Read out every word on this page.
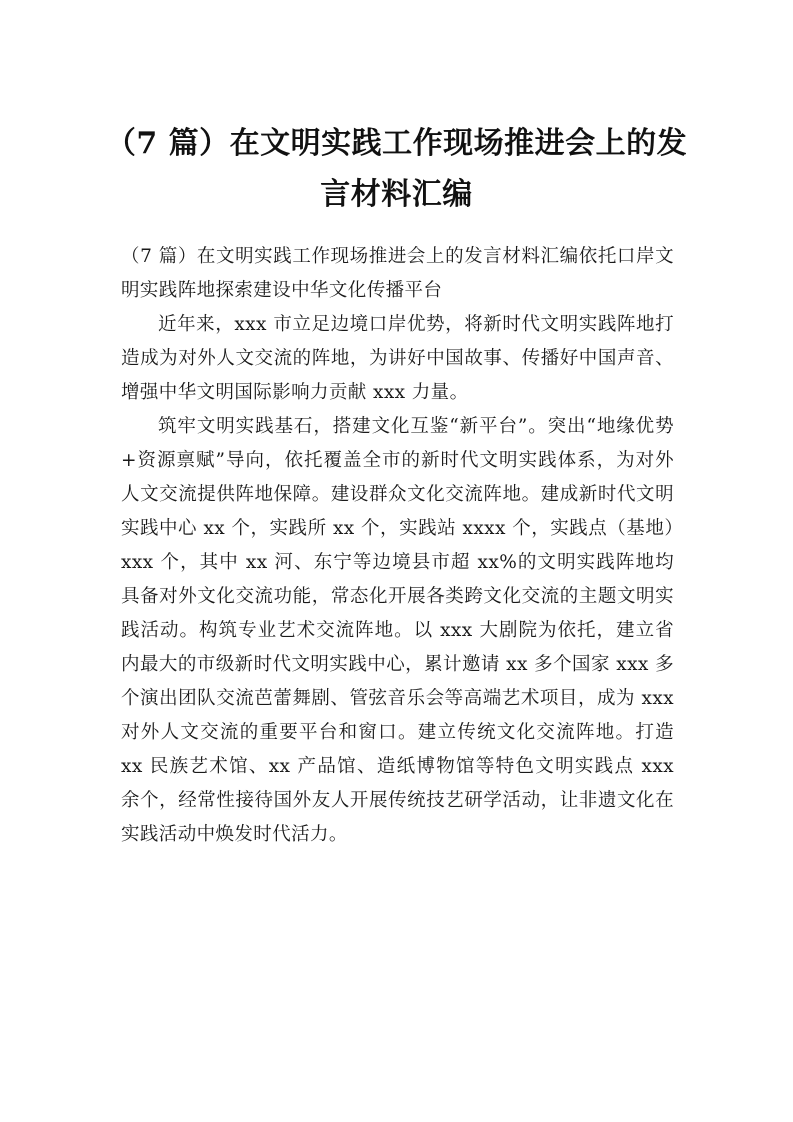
（7 篇）在文明实践工作现场推进会上的发言材料汇编

（7 篇）在文明实践工作现场推进会上的发言材料汇编依托口岸文明实践阵地探索建设中华文化传播平台

近年来，xxx 市立足边境口岸优势，将新时代文明实践阵地打造成为对外人文交流的阵地，为讲好中国故事、传播好中国声音、增强中华文明国际影响力贡献 xxx 力量。

筑牢文明实践基石，搭建文化互鉴“新平台”。突出“地缘优势+资源禀赋”导向，依托覆盖全市的新时代文明实践体系，为对外人文交流提供阵地保障。建设群众文化交流阵地。建成新时代文明实践中心 xx 个，实践所 xx 个，实践站 xxxx 个，实践点（基地）xxx 个，其中 xx 河、东宁等边境县市超 xx%的文明实践阵地均具备对外文化交流功能，常态化开展各类跨文化交流的主题文明实践活动。构筑专业艺术交流阵地。以 xxx 大剧院为依托，建立省内最大的市级新时代文明实践中心，累计邀请 xx 多个国家 xxx 多个演出团队交流芭蕾舞剧、管弦音乐会等高端艺术项目，成为 xxx 对外人文交流的重要平台和窗口。建立传统文化交流阵地。打造 xx 民族艺术馆、xx 产品馆、造纸博物馆等特色文明实践点 xxx 余个，经常性接待国外友人开展传统技艺研学活动，让非遗文化在实践活动中焕发时代活力。
